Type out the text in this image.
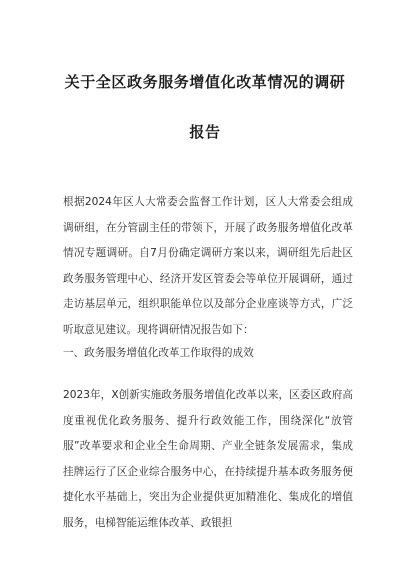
关于全区政务服务增值化改革情况的调研
报告

根据2024年区人大常委会监督工作计划，区人大常委会组成调研组，在分管副主任的带领下，开展了政务服务增值化改革情况专题调研。自7月份确定调研方案以来，调研组先后赴区政务服务管理中心、经济开发区管委会等单位开展调研，通过走访基层单元，组织职能单位以及部分企业座谈等方式，广泛听取意见建议。现将调研情况报告如下：

一、政务服务增值化改革工作取得的成效

2023年，X创新实施政务服务增值化改革以来，区委区政府高度重视优化政务服务、提升行政效能工作，围绕深化“放管服”改革要求和企业全生命周期、产业全链条发展需求，集成挂牌运行了区企业综合服务中心，在持续提升基本政务服务便捷化水平基础上，突出为企业提供更加精准化、集成化的增值服务，电梯智能运维体改革、政银担
